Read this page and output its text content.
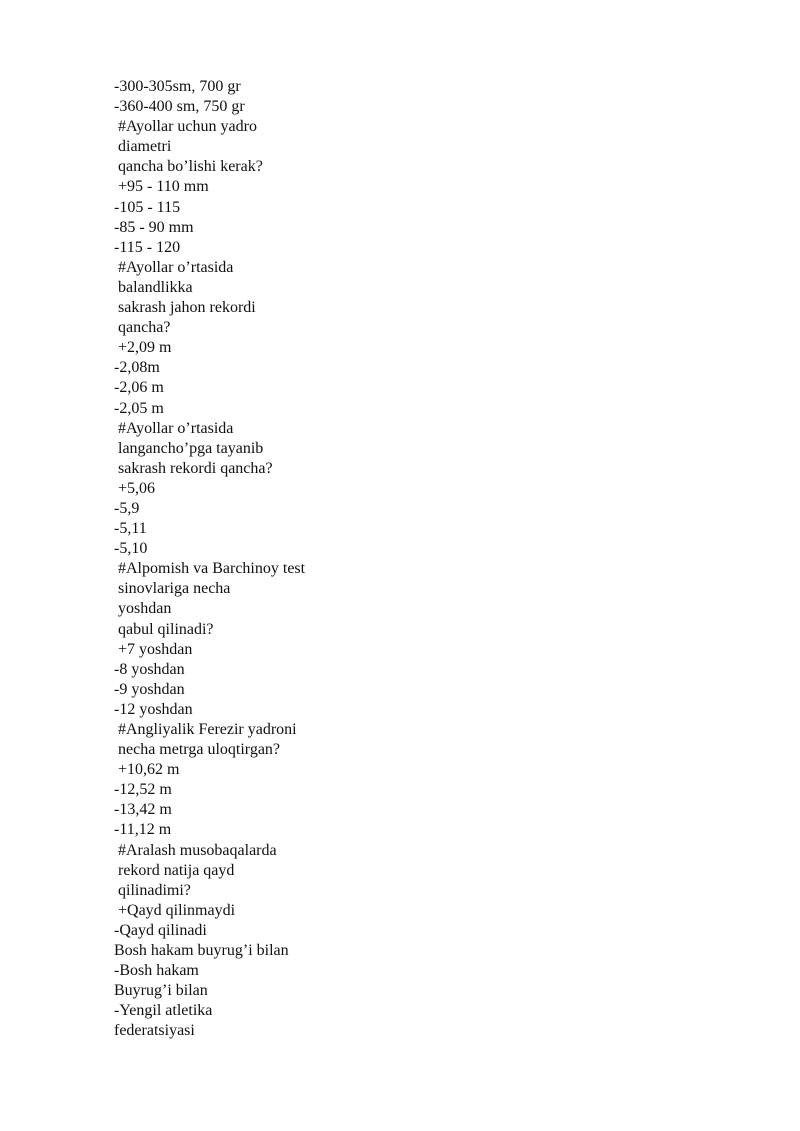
-300-305sm, 700 gr
-360-400 sm, 750 gr
#Ayollar uchun yadro
diametri
qancha bo’lishi kerak?
+95 - 110 mm
-105 - 115
-85 - 90 mm
-115 - 120
#Ayollar o’rtasida
balandlikka
sakrash jahon rekordi
qancha?
+2,09 m
-2,08m
-2,06 m
-2,05 m
#Ayollar o’rtasida
langancho’pga tayanib
sakrash rekordi qancha?
+5,06
-5,9
-5,11
-5,10
#Alpomish va Barchinoy test
sinovlariga necha
yoshdan
qabul qilinadi?
+7 yoshdan
-8 yoshdan
-9 yoshdan
-12 yoshdan
#Angliyalik Ferezir yadroni
necha metrga uloqtirgan?
+10,62 m
-12,52 m
-13,42 m
-11,12 m
#Aralash musobaqalarda
rekord natija qayd
qilinadimi?
+Qayd qilinmaydi
-Qayd qilinadi
Bosh hakam buyrug’i bilan
-Bosh hakam
Buyrug’i bilan
-Yengil atletika
federatsiyasi
